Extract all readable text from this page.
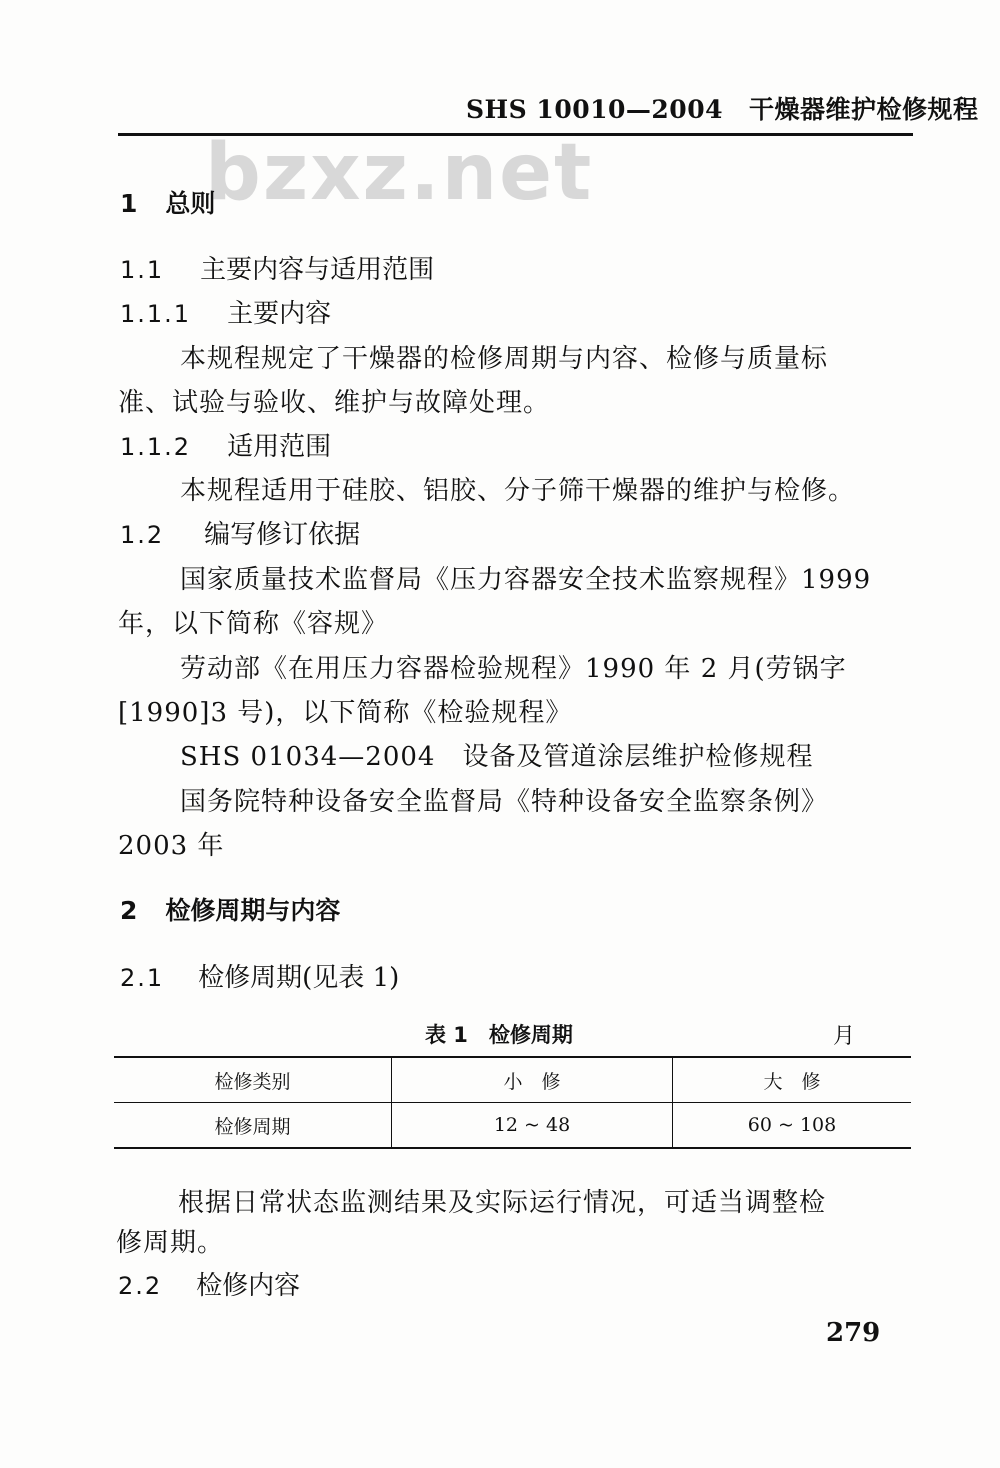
SHS 10010—2004 干燥器维护检修规程
bzxz.net
1 总则
1.1 主要内容与适用范围
1.1.1 主要内容
本规程规定了干燥器的检修周期与内容、检修与质量标
准、试验与验收、维护与故障处理。
1.1.2 适用范围
本规程适用于硅胶、铝胶、分子筛干燥器的维护与检修。
1.2 编写修订依据
国家质量技术监督局《压力容器安全技术监察规程》1999
年，以下简称《容规》
劳动部《在用压力容器检验规程》1990 年 2 月(劳锅字
[1990]3 号)，以下简称《检验规程》
SHS 01034—2004　设备及管道涂层维护检修规程
国务院特种设备安全监督局《特种设备安全监察条例》
2003 年
2 检修周期与内容
2.1 检修周期(见表 1)
表 1　检修周期	月
检修类别	小　修	大　修
检修周期	12 ~ 48	60 ~ 108
根据日常状态监测结果及实际运行情况，可适当调整检
修周期。
2.2 检修内容
279
